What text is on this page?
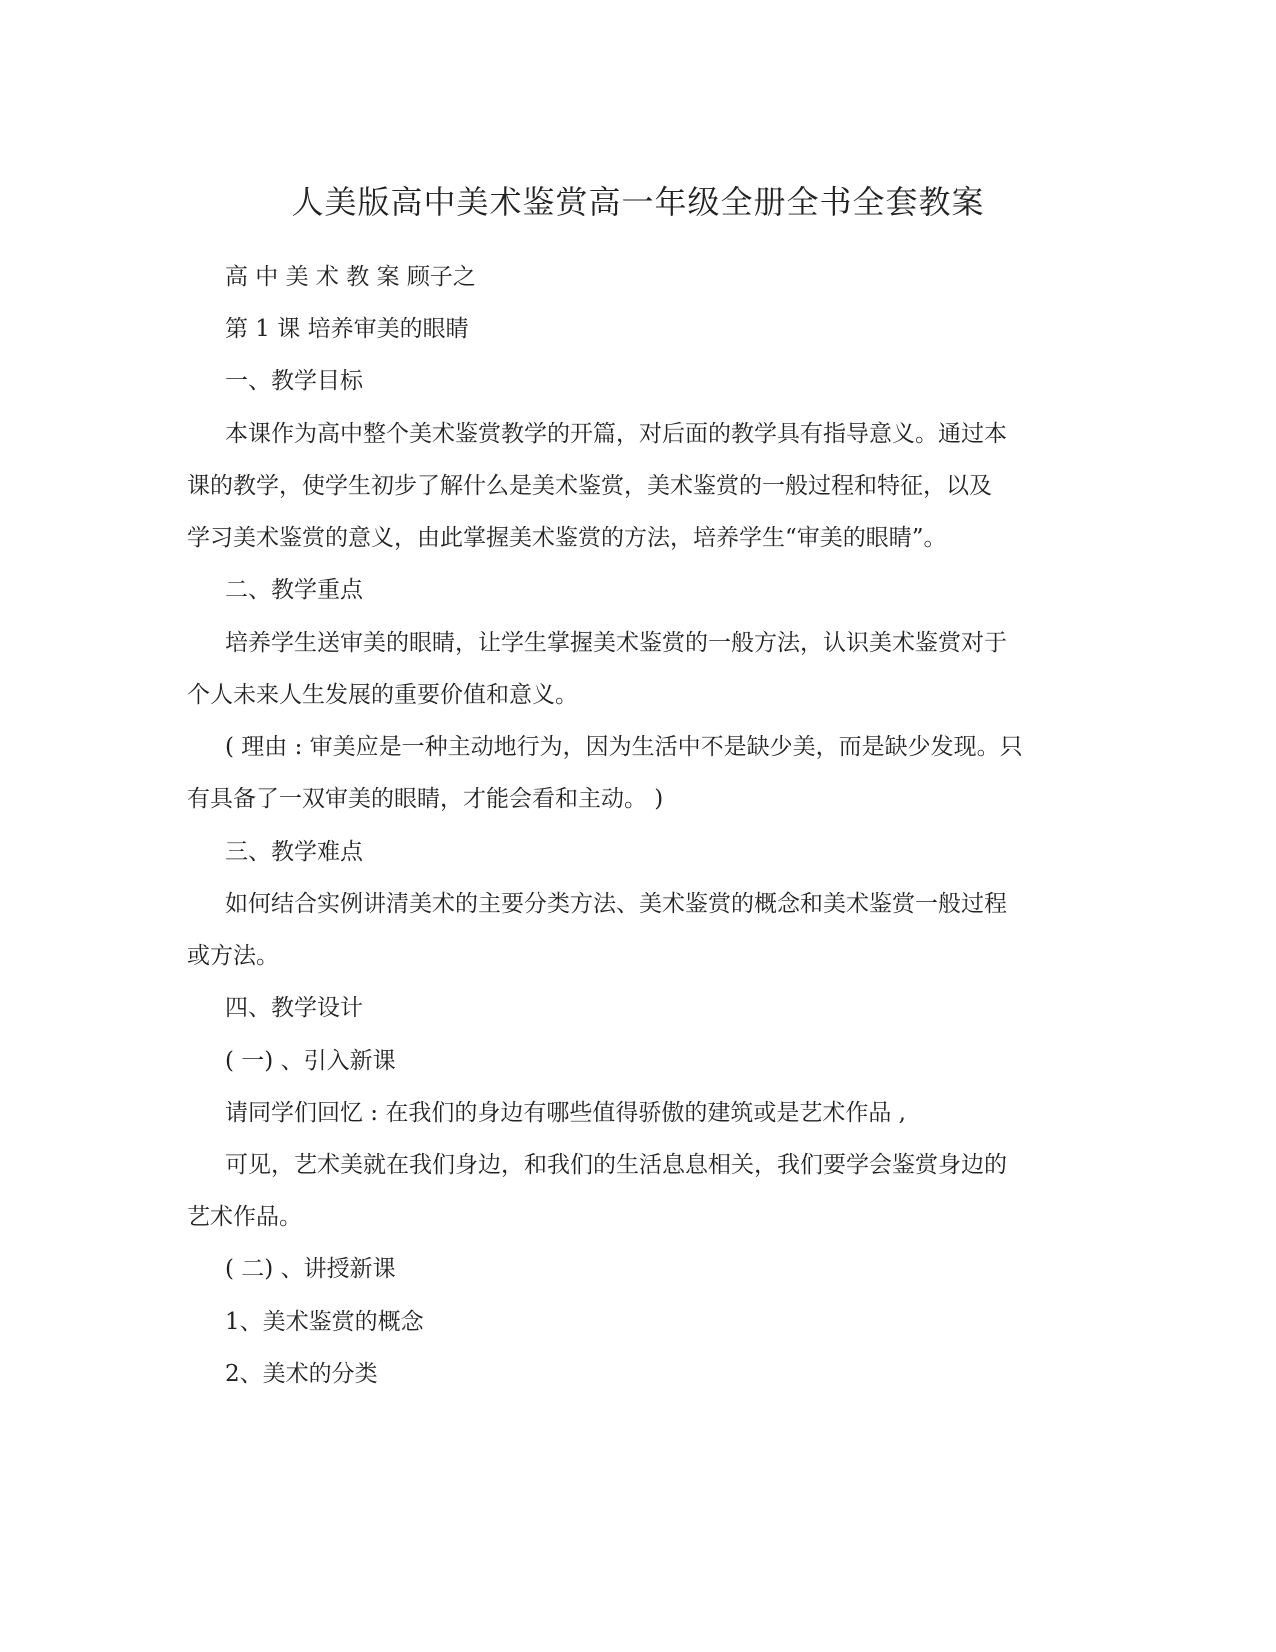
人美版高中美术鉴赏高一年级全册全书全套教案
高 中 美 术 教 案 顾子之
第 1 课 培养审美的眼睛
一、教学目标
本课作为高中整个美术鉴赏教学的开篇，对后面的教学具有指导意义。通过本
课的教学，使学生初步了解什么是美术鉴赏，美术鉴赏的一般过程和特征，以及
学习美术鉴赏的意义，由此掌握美术鉴赏的方法，培养学生“审美的眼睛”。
二、教学重点
培养学生送审美的眼睛，让学生掌握美术鉴赏的一般方法，认识美术鉴赏对于
个人未来人生发展的重要价值和意义。
( 理由 : 审美应是一种主动地行为，因为生活中不是缺少美，而是缺少发现。只
有具备了一双审美的眼睛，才能会看和主动。 )
三、教学难点
如何结合实例讲清美术的主要分类方法、美术鉴赏的概念和美术鉴赏一般过程
或方法。
四、教学设计
( 一) 、引入新课
请同学们回忆 : 在我们的身边有哪些值得骄傲的建筑或是艺术作品 ,
可见，艺术美就在我们身边，和我们的生活息息相关，我们要学会鉴赏身边的
艺术作品。
( 二) 、讲授新课
1、美术鉴赏的概念
2、美术的分类
